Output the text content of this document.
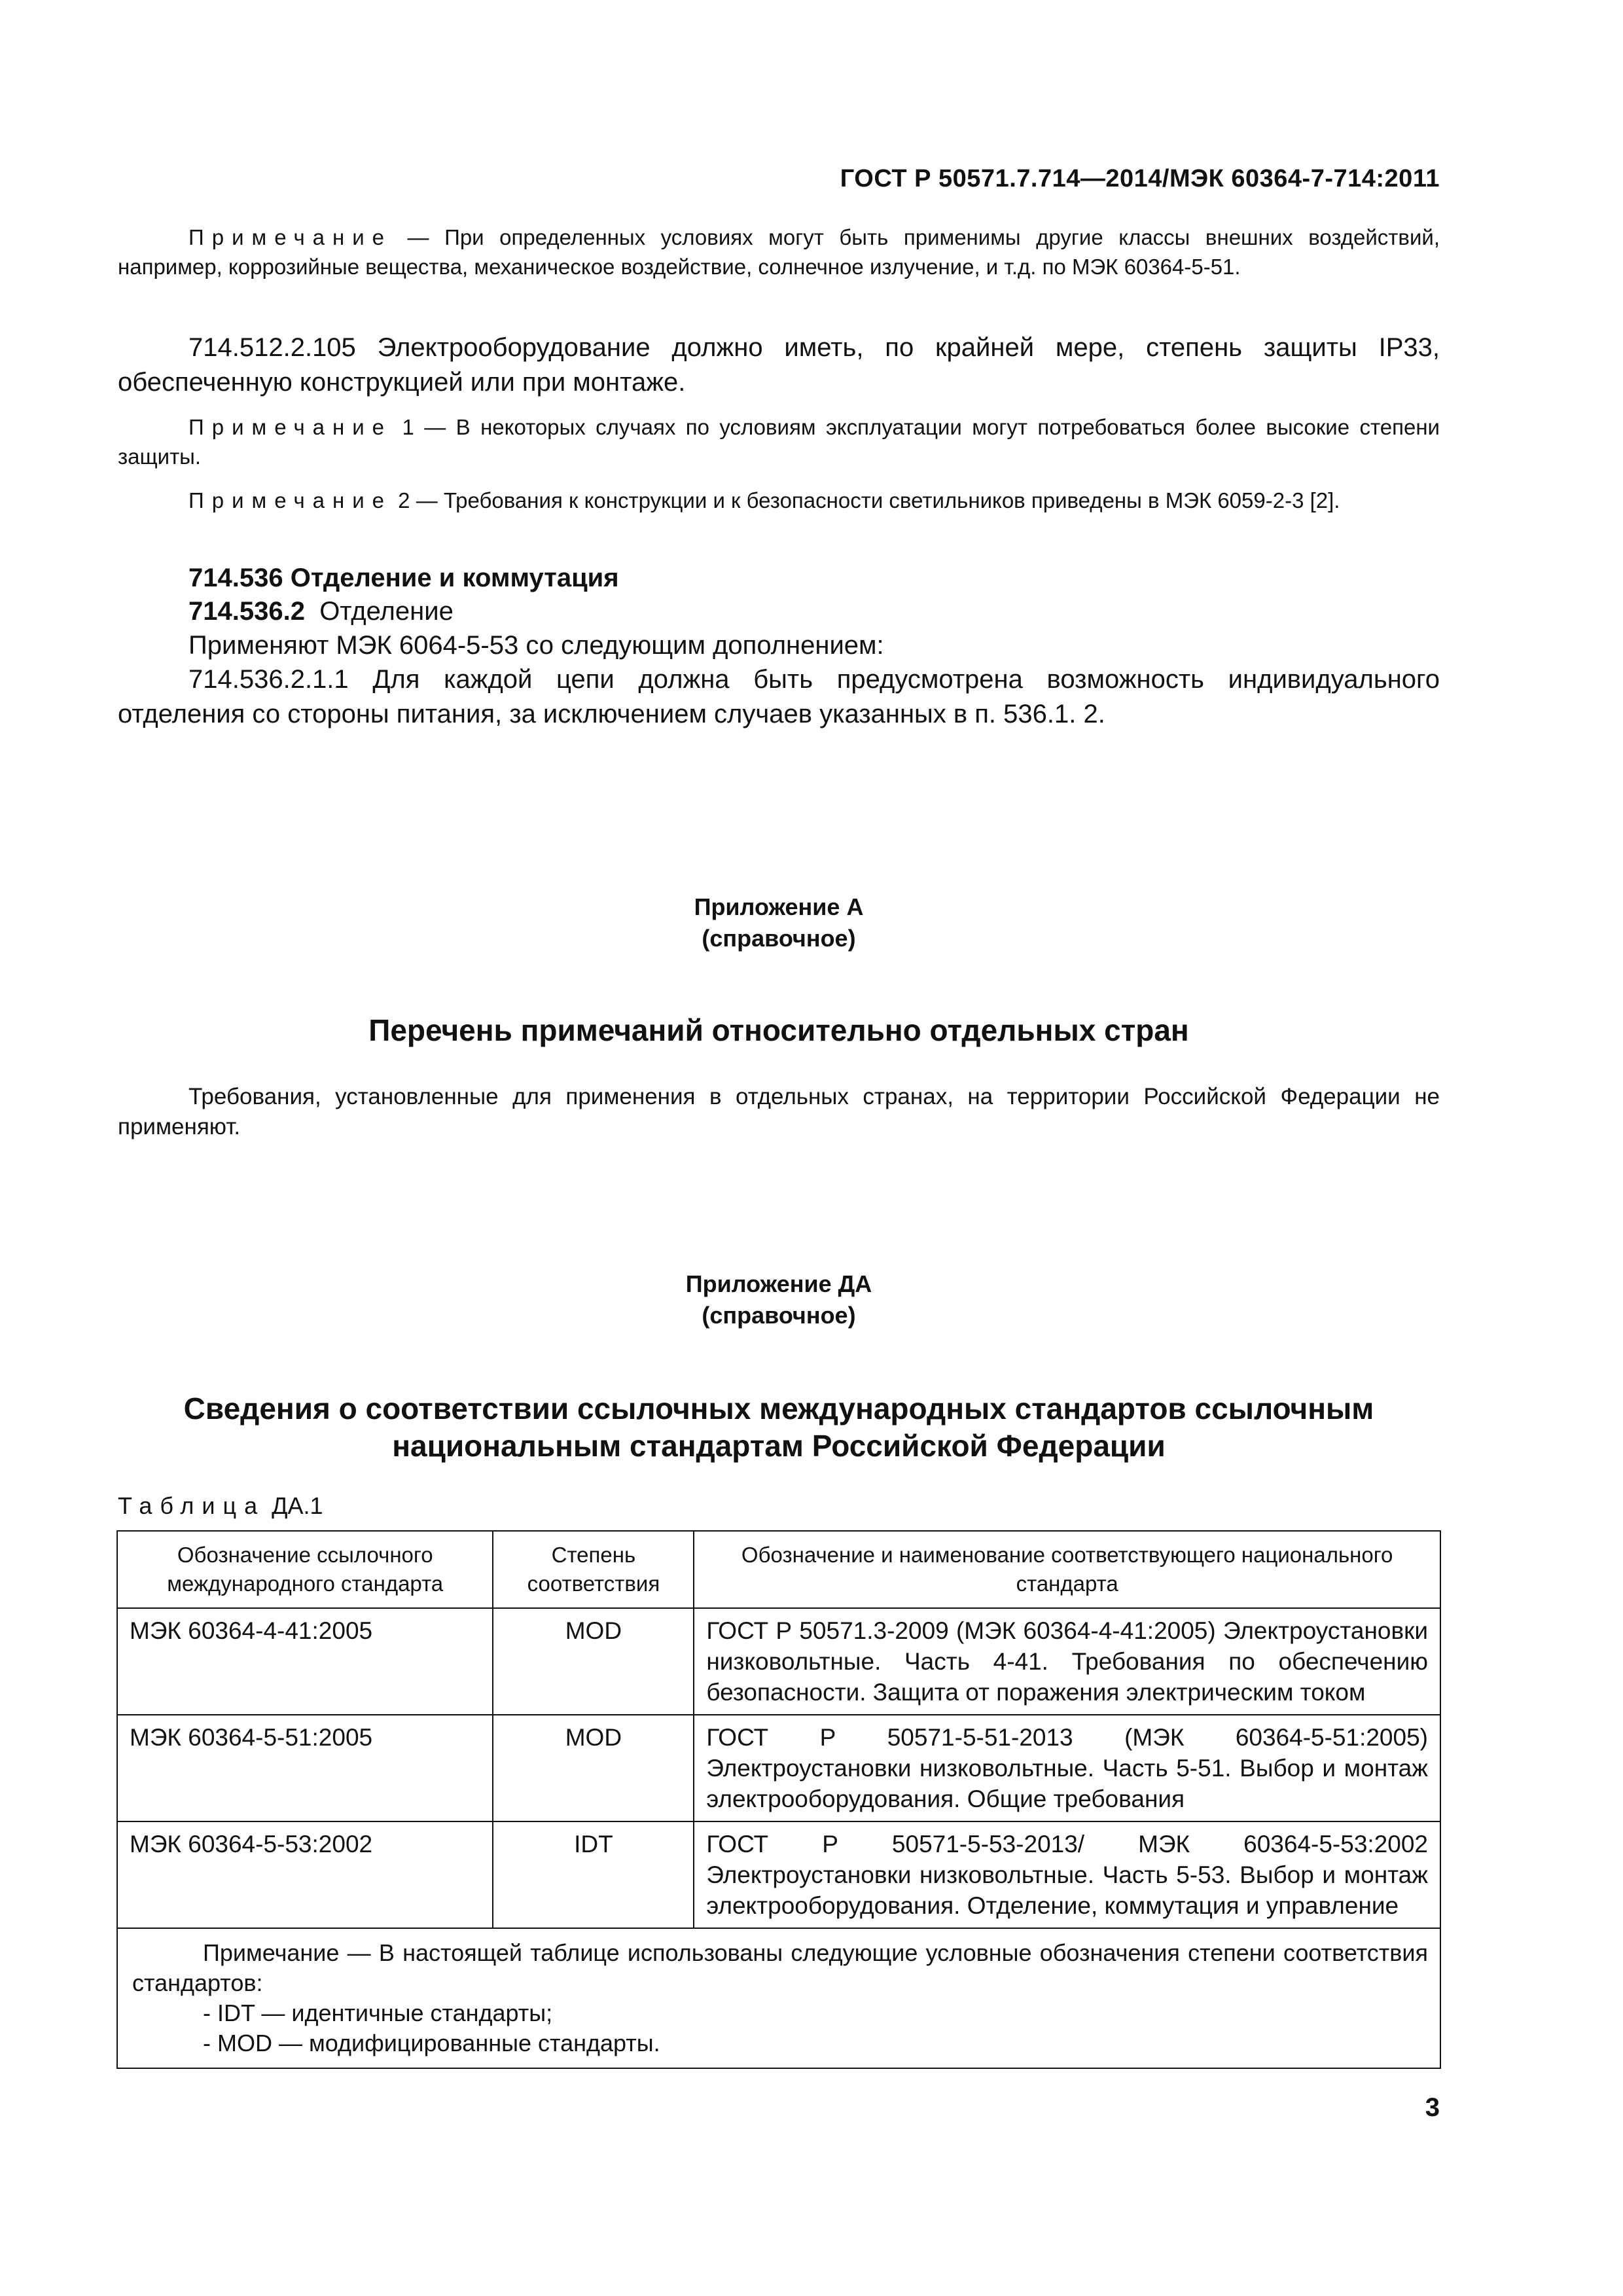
ГОСТ Р 50571.7.714—2014/МЭК 60364-7-714:2011
Примечание — При определенных условиях могут быть применимы другие классы внешних воздействий, например, коррозийные вещества, механическое воздействие, солнечное излучение, и т.д. по МЭК 60364-5-51.
714.512.2.105 Электрооборудование должно иметь, по крайней мере, степень защиты IP33, обеспеченную конструкцией или при монтаже.
Примечание 1 — В некоторых случаях по условиям эксплуатации могут потребоваться более высокие степени защиты.
Примечание 2 — Требования к конструкции и к безопасности светильников приведены в МЭК 6059-2-3 [2].
714.536 Отделение и коммутация
714.536.2 Отделение
Применяют МЭК 6064-5-53 со следующим дополнением:
714.536.2.1.1 Для каждой цепи должна быть предусмотрена возможность индивидуального отделения со стороны питания, за исключением случаев указанных в п. 536.1. 2.
Приложение А
(справочное)
Перечень примечаний относительно отдельных стран
Требования, установленные для применения в отдельных странах, на территории Российской Федерации не применяют.
Приложение ДА
(справочное)
Сведения о соответствии ссылочных международных стандартов ссылочным
национальным стандартам Российской Федерации
Таблица ДА.1
Обозначение ссылочного международного стандарта	Степень соответствия	Обозначение и наименование соответствующего национального стандарта
МЭК 60364-4-41:2005	MOD	ГОСТ Р 50571.3-2009 (МЭК 60364-4-41:2005) Электроустановки низковольтные. Часть 4-41. Требования по обеспечению безопасности. Защита от поражения электрическим током
МЭК 60364-5-51:2005	MOD	ГОСТ Р 50571-5-51-2013 (МЭК 60364-5-51:2005) Электроустановки низковольтные. Часть 5-51. Выбор и монтаж электрооборудования. Общие требования
МЭК 60364-5-53:2002	IDT	ГОСТ Р 50571-5-53-2013/ МЭК 60364-5-53:2002 Электроустановки низковольтные. Часть 5-53. Выбор и монтаж электрооборудования. Отделение, коммутация и управление

Примечание — В настоящей таблице использованы следующие условные обозначения степени соответствия стандартов:
- IDT — идентичные стандарты;
- MOD — модифицированные стандарты.		
3
